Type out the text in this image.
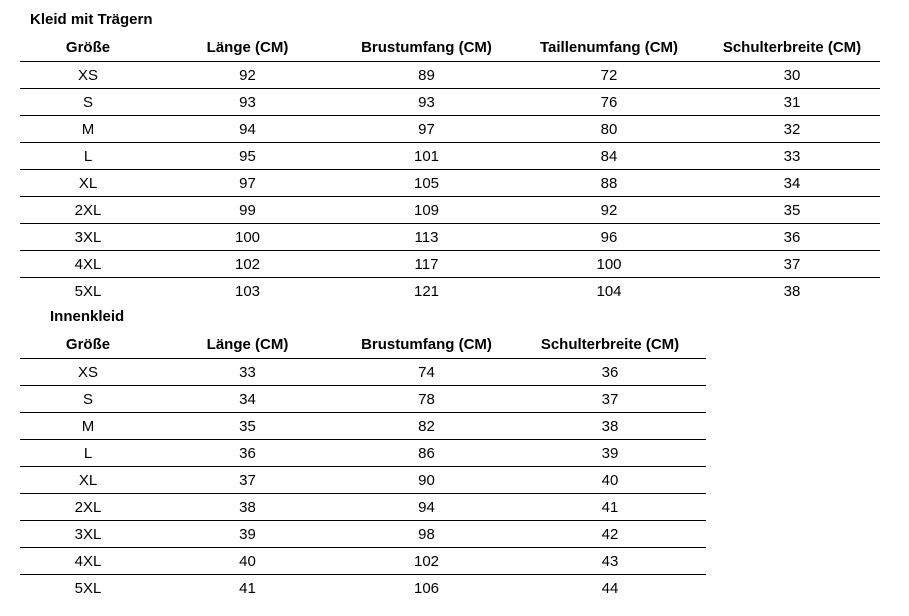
Kleid mit Trägern
Größe	Länge (CM)	Brustumfang (CM)	Taillenumfang (CM)	Schulterbreite (CM)
XS	92	89	72	30
S	93	93	76	31
M	94	97	80	32
L	95	101	84	33
XL	97	105	88	34
2XL	99	109	92	35
3XL	100	113	96	36
4XL	102	117	100	37
5XL	103	121	104	38
Innenkleid
Größe	Länge (CM)	Brustumfang (CM)	Schulterbreite (CM)
XS	33	74	36
S	34	78	37
M	35	82	38
L	36	86	39
XL	37	90	40
2XL	38	94	41
3XL	39	98	42
4XL	40	102	43
5XL	41	106	44
